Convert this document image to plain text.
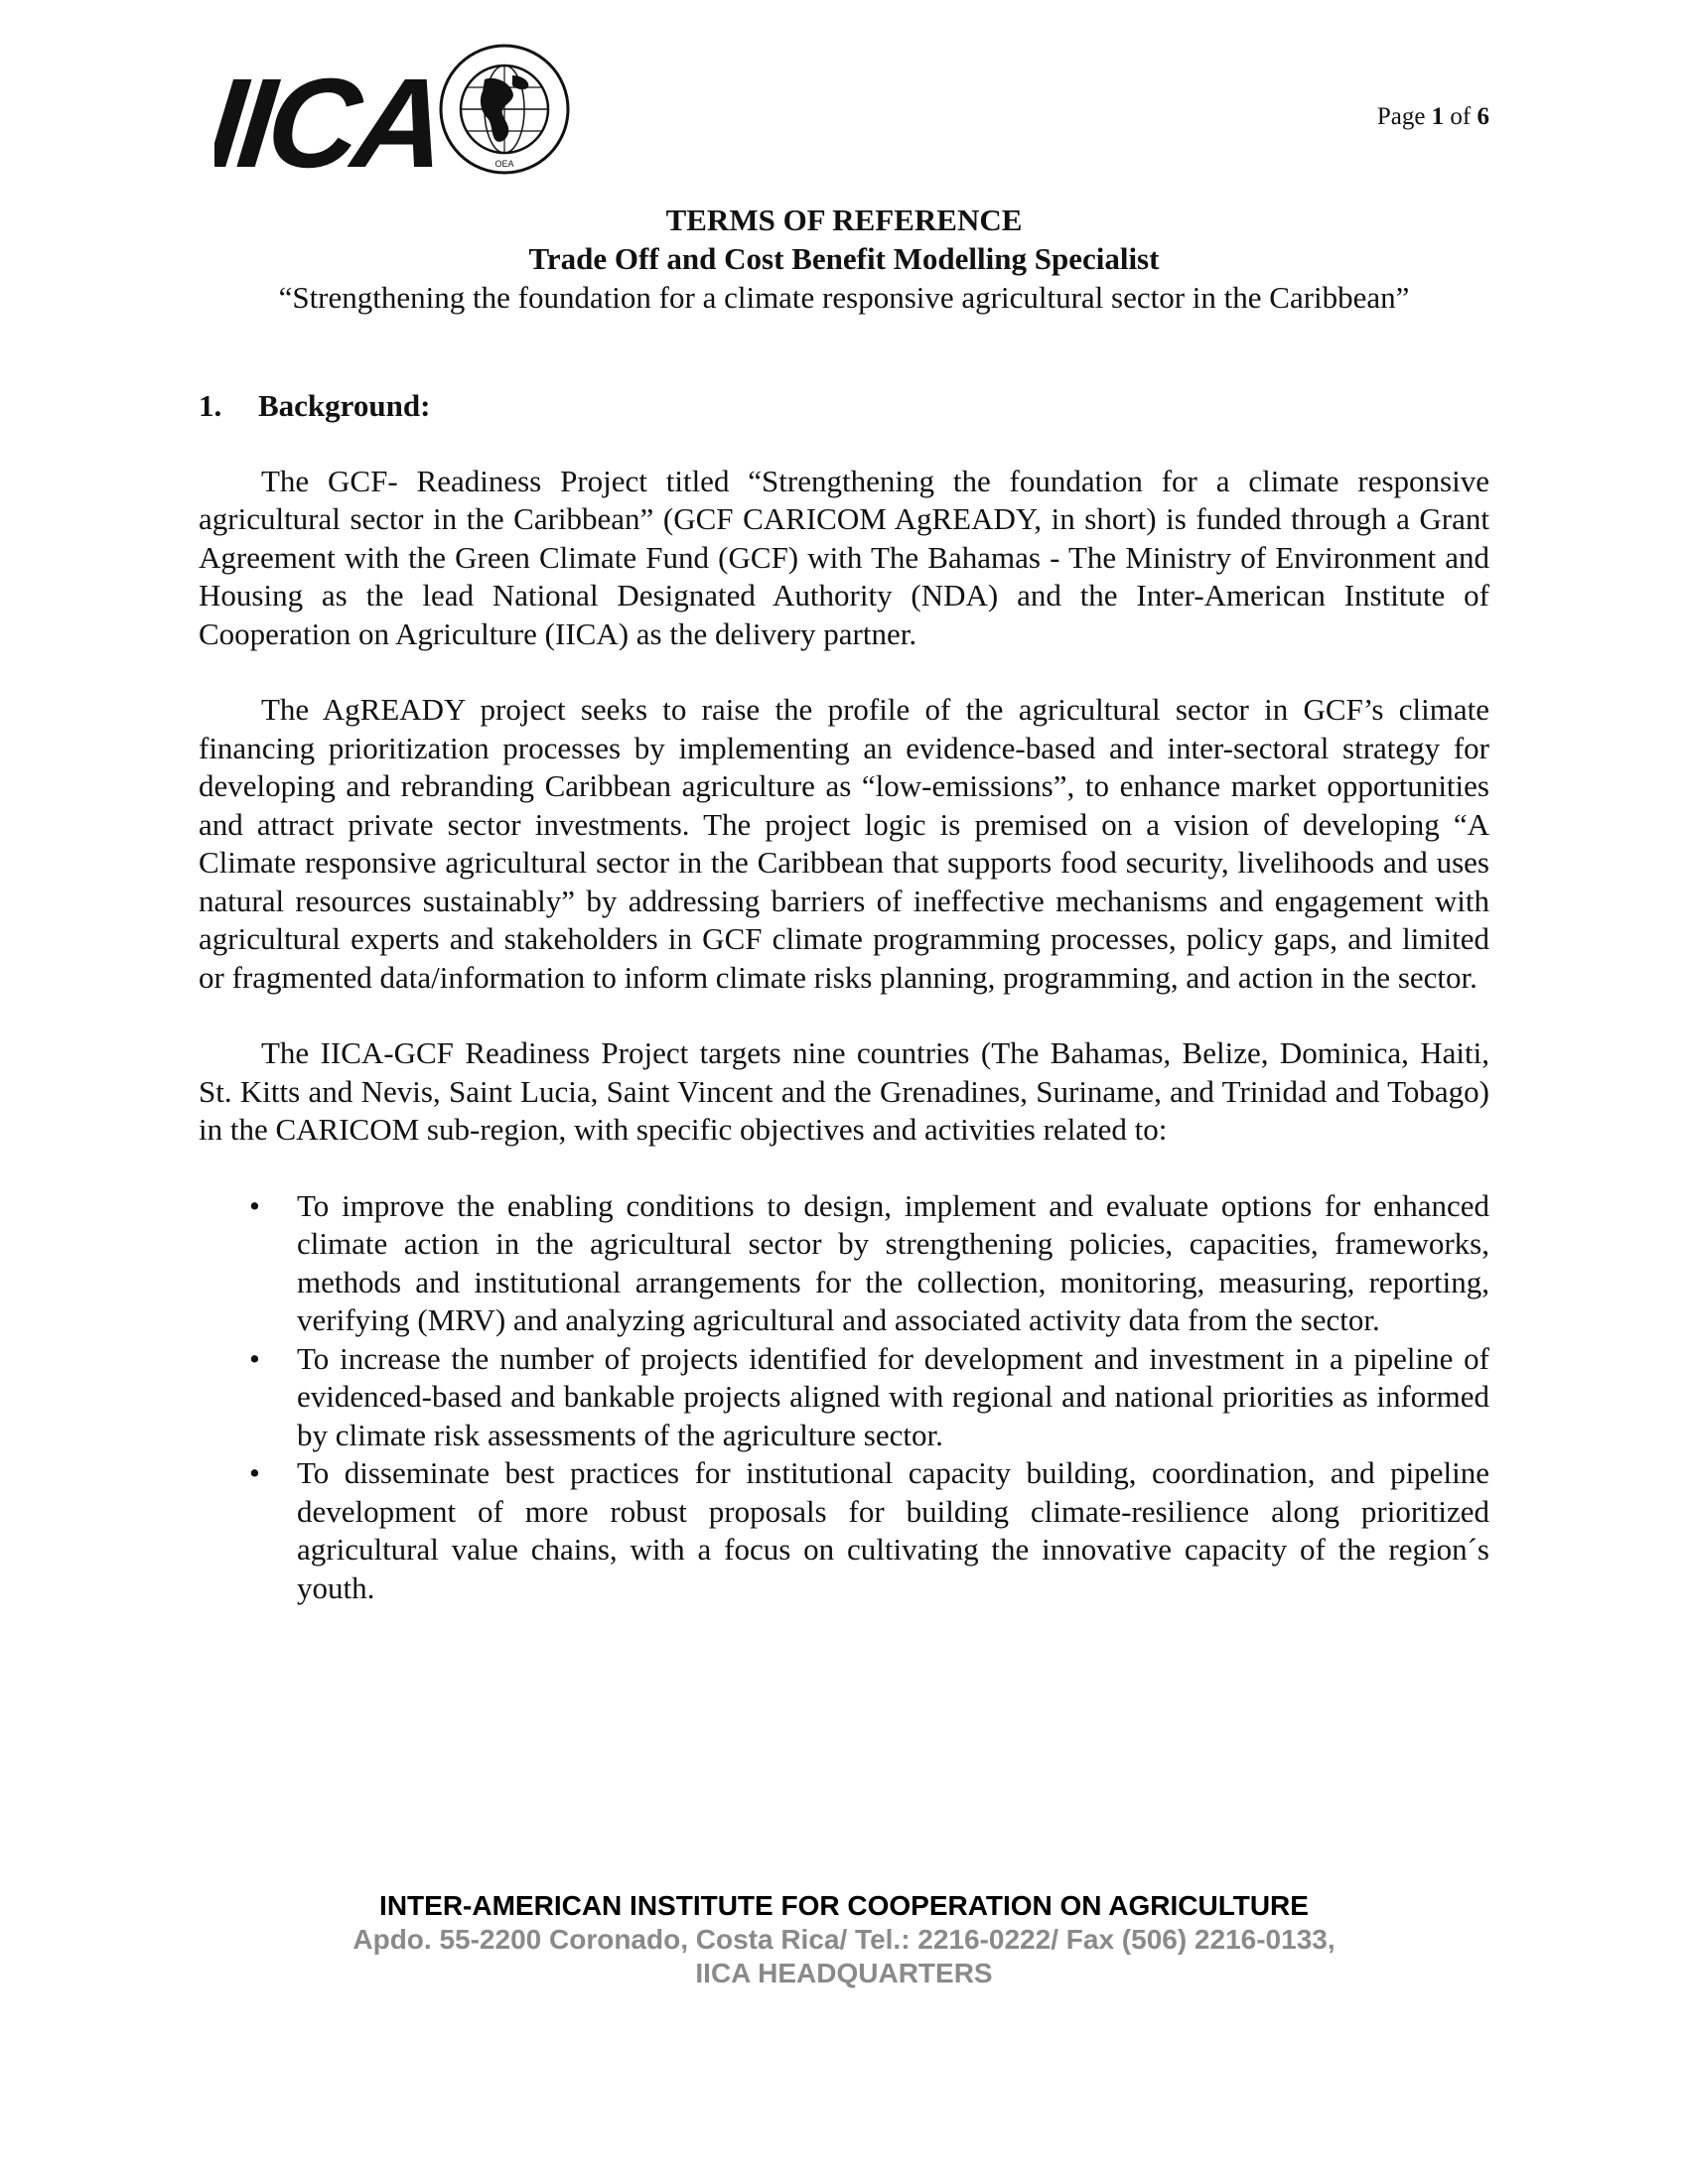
IICA	OEA
Page 1 of 6
TERMS OF REFERENCE
Trade Off and Cost Benefit Modelling Specialist
“Strengthening the foundation for a climate responsive agricultural sector in the Caribbean”
1. Background:

The GCF- Readiness Project titled “Strengthening the foundation for a climate responsive agricultural sector in the Caribbean” (GCF CARICOM AgREADY, in short) is funded through a Grant Agreement with the Green Climate Fund (GCF) with The Bahamas - The Ministry of Environment and Housing as the lead National Designated Authority (NDA) and the Inter-American Institute of Cooperation on Agriculture (IICA) as the delivery partner.

The AgREADY project seeks to raise the profile of the agricultural sector in GCF’s climate financing prioritization processes by implementing an evidence-based and inter-sectoral strategy for developing and rebranding Caribbean agriculture as “low-emissions”, to enhance market opportunities and attract private sector investments. The project logic is premised on a vision of developing “A Climate responsive agricultural sector in the Caribbean that supports food security, livelihoods and uses natural resources sustainably” by addressing barriers of ineffective mechanisms and engagement with agricultural experts and stakeholders in GCF climate programming processes, policy gaps, and limited or fragmented data/information to inform climate risks planning, programming, and action in the sector.

The IICA-GCF Readiness Project targets nine countries (The Bahamas, Belize, Dominica, Haiti, St. Kitts and Nevis, Saint Lucia, Saint Vincent and the Grenadines, Suriname, and Trinidad and Tobago) in the CARICOM sub-region, with specific objectives and activities related to:

• To improve the enabling conditions to design, implement and evaluate options for enhanced climate action in the agricultural sector by strengthening policies, capacities, frameworks, methods and institutional arrangements for the collection, monitoring, measuring, reporting, verifying (MRV) and analyzing agricultural and associated activity data from the sector.
• To increase the number of projects identified for development and investment in a pipeline of evidenced-based and bankable projects aligned with regional and national priorities as informed by climate risk assessments of the agriculture sector.
• To disseminate best practices for institutional capacity building, coordination, and pipeline development of more robust proposals for building climate-resilience along prioritized agricultural value chains, with a focus on cultivating the innovative capacity of the region´s youth.
INTER-AMERICAN INSTITUTE FOR COOPERATION ON AGRICULTURE
Apdo. 55-2200 Coronado, Costa Rica/ Tel.: 2216-0222/ Fax (506) 2216-0133,
IICA HEADQUARTERS
